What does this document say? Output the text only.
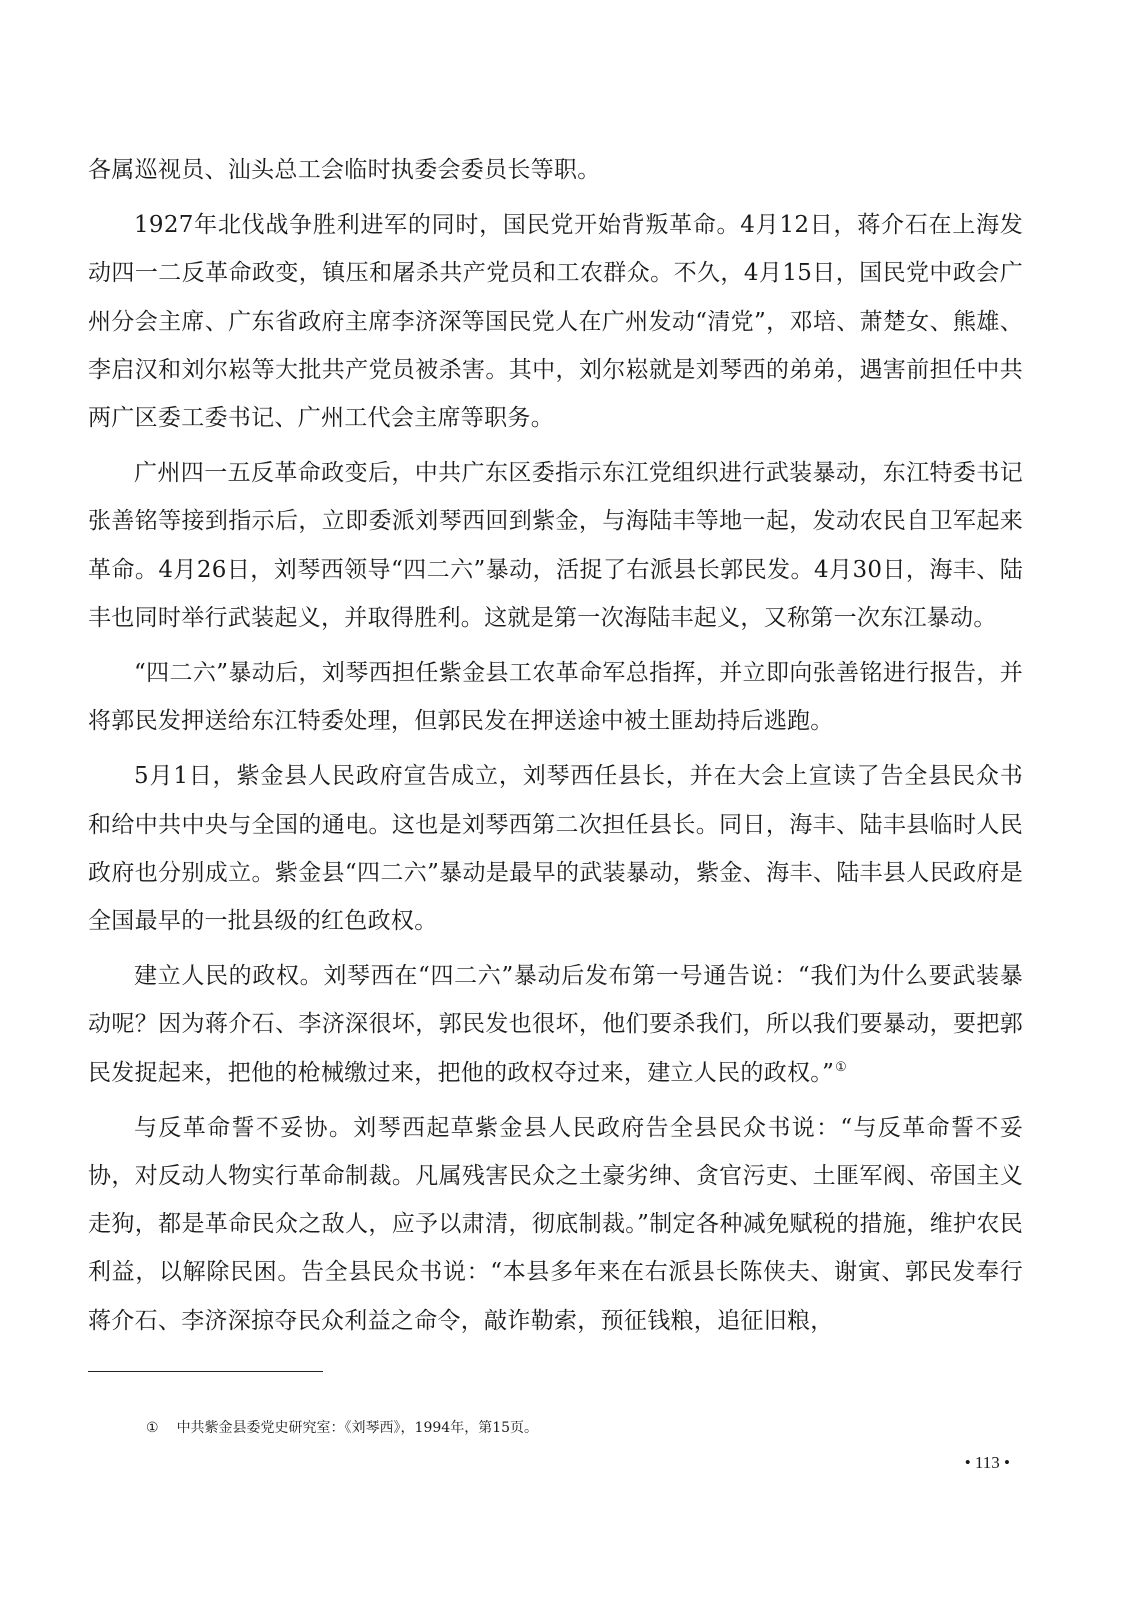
各属巡视员、汕头总工会临时执委会委员长等职。

1927年北伐战争胜利进军的同时，国民党开始背叛革命。4月12日，蒋介石在上海发动四一二反革命政变，镇压和屠杀共产党员和工农群众。不久，4月15日，国民党中政会广州分会主席、广东省政府主席李济深等国民党人在广州发动“清党”，邓培、萧楚女、熊雄、李启汉和刘尔崧等大批共产党员被杀害。其中，刘尔崧就是刘琴西的弟弟，遇害前担任中共两广区委工委书记、广州工代会主席等职务。

广州四一五反革命政变后，中共广东区委指示东江党组织进行武装暴动，东江特委书记张善铭等接到指示后，立即委派刘琴西回到紫金，与海陆丰等地一起，发动农民自卫军起来革命。4月26日，刘琴西领导“四二六”暴动，活捉了右派县长郭民发。4月30日，海丰、陆丰也同时举行武装起义，并取得胜利。这就是第一次海陆丰起义，又称第一次东江暴动。

“四二六”暴动后，刘琴西担任紫金县工农革命军总指挥，并立即向张善铭进行报告，并将郭民发押送给东江特委处理，但郭民发在押送途中被土匪劫持后逃跑。

5月1日，紫金县人民政府宣告成立，刘琴西任县长，并在大会上宣读了告全县民众书和给中共中央与全国的通电。这也是刘琴西第二次担任县长。同日，海丰、陆丰县临时人民政府也分别成立。紫金县“四二六”暴动是最早的武装暴动，紫金、海丰、陆丰县人民政府是全国最早的一批县级的红色政权。

建立人民的政权。刘琴西在“四二六”暴动后发布第一号通告说：“我们为什么要武装暴动呢？因为蒋介石、李济深很坏，郭民发也很坏，他们要杀我们，所以我们要暴动，要把郭民发捉起来，把他的枪械缴过来，把他的政权夺过来，建立人民的政权。”①

与反革命誓不妥协。刘琴西起草紫金县人民政府告全县民众书说：“与反革命誓不妥协，对反动人物实行革命制裁。凡属残害民众之土豪劣绅、贪官污吏、土匪军阀、帝国主义走狗，都是革命民众之敌人，应予以肃清，彻底制裁。”制定各种减免赋税的措施，维护农民利益，以解除民困。告全县民众书说：“本县多年来在右派县长陈侠夫、谢寅、郭民发奉行蒋介石、李济深掠夺民众利益之命令，敲诈勒索，预征钱粮，追征旧粮，

① 中共紫金县委党史研究室：《刘琴西》，1994年，第15页。
• 113 •
